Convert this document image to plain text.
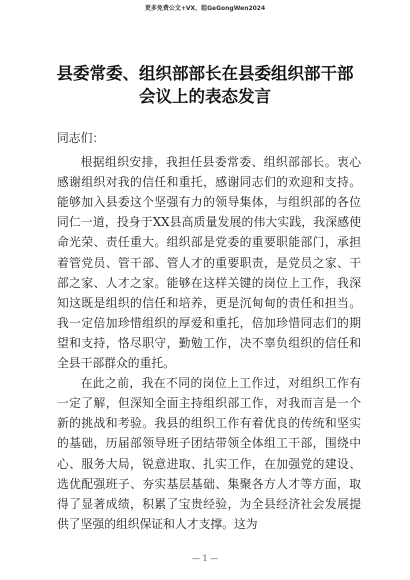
更多免费公文+VX，组GeGongWen2024
县委常委、组织部部长在县委组织部干部
会议上的表态发言

同志们：

根据组织安排，我担任县委常委、组织部部长。衷心感谢组织对我的信任和重托，感谢同志们的欢迎和支持。能够加入县委这个坚强有力的领导集体，与组织部的各位同仁一道，投身于XX县高质量发展的伟大实践，我深感使命光荣、责任重大。组织部是党委的重要职能部门，承担着管党员、管干部、管人才的重要职责，是党员之家、干部之家、人才之家。能够在这样关键的岗位上工作，我深知这既是组织的信任和培养，更是沉甸甸的责任和担当。我一定倍加珍惜组织的厚爱和重托，倍加珍惜同志们的期望和支持，恪尽职守，勤勉工作，决不辜负组织的信任和全县干部群众的重托。

在此之前，我在不同的岗位上工作过，对组织工作有一定了解，但深知全面主持组织部工作，对我而言是一个新的挑战和考验。我县的组织工作有着优良的传统和坚实的基础，历届部领导班子团结带领全体组工干部，围绕中心、服务大局，锐意进取、扎实工作，在加强党的建设、选优配强班子、夯实基层基础、集聚各方人才等方面，取得了显著成绩，积累了宝贵经验，为全县经济社会发展提供了坚强的组织保证和人才支撑。这为

— 1 —
